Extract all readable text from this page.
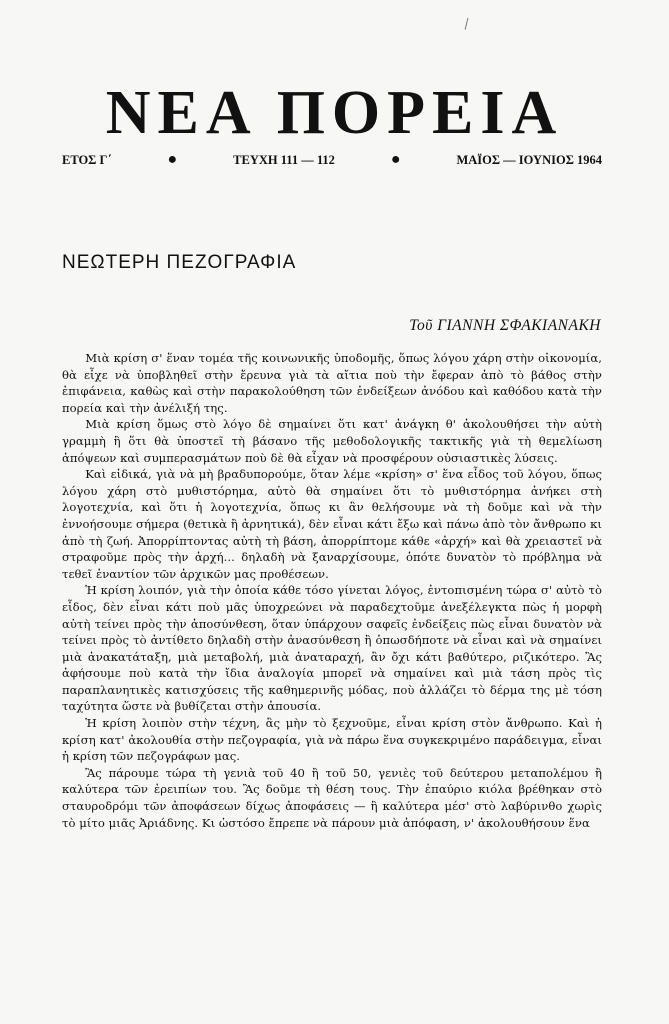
ΝΕΑ ΠΟΡΕΙΑ
ΕΤΟΣ Γ΄	●	ΤΕΥΧΗ 111 — 112	●	ΜΑΪΟΣ — ΙΟΥΝΙΟΣ 1964
ΝΕΩΤΕΡΗ ΠΕΖΟΓΡΑΦΙΑ
Τοῦ ΓΙΑΝΝΗ ΣΦΑΚΙΑΝΑΚΗ

Μιὰ κρίση σ' ἕναν τομέα τῆς κοινωνικῆς ὑποδομῆς, ὅπως λόγου χάρη στὴν οἰκονομία, θὰ εἶχε νὰ ὑποβληθεῖ στὴν ἔρευνα γιὰ τὰ αἴτια ποὺ τὴν ἔφεραν ἀπὸ τὸ βάθος στὴν ἐπιφάνεια, καθὼς καὶ στὴν παρακολούθηση τῶν ἐνδείξεων ἀνόδου καὶ καθόδου κατὰ τὴν πορεία καὶ τὴν ἀνέλιξή της.

Μιὰ κρίση ὅμως στὸ λόγο δὲ σημαίνει ὅτι κατ' ἀνάγκη θ' ἀκολουθήσει τὴν αὐτὴ γραμμὴ ἢ ὅτι θὰ ὑποστεῖ τὴ βάσανο τῆς μεθοδολογικῆς τακτικῆς γιὰ τὴ θεμελίωση ἀπόψεων καὶ συμπερασμάτων ποὺ δὲ θὰ εἶχαν νὰ προσφέρουν οὐσιαστικὲς λύσεις.

Καὶ εἰδικά, γιὰ νὰ μὴ βραδυπορούμε, ὅταν λέμε «κρίση» σ' ἕνα εἶδος τοῦ λόγου, ὅπως λόγου χάρη στὸ μυθιστόρημα, αὐτὸ θὰ σημαίνει ὅτι τὸ μυθιστόρημα ἀνήκει στὴ λογοτεχνία, καὶ ὅτι ἡ λογοτεχνία, ὅπως κι ἂν θελήσουμε νὰ τὴ δοῦμε καὶ νὰ τὴν ἐννοήσουμε σήμερα (θετικὰ ἢ ἀρνητικά), δὲν εἶναι κάτι ἔξω καὶ πάνω ἀπὸ τὸν ἄνθρωπο κι ἀπὸ τὴ ζωή. Ἀπορρίπτοντας αὐτὴ τὴ βάση, ἀπορρίπτομε κάθε «ἀρχή» καὶ θὰ χρειαστεῖ νὰ στραφοῦμε πρὸς τὴν ἀρχή... δηλαδὴ νὰ ξαναρχίσουμε, ὁπότε δυνατὸν τὸ πρόβλημα νὰ τεθεῖ ἐναντίον τῶν ἀρχικῶν μας προθέσεων.

Ἡ κρίση λοιπόν, γιὰ τὴν ὁποία κάθε τόσο γίνεται λόγος, ἐντοπισμένη τώρα σ' αὐτὸ τὸ εἶδος, δὲν εἶναι κάτι ποὺ μᾶς ὑποχρεώνει νὰ παραδεχτοῦμε ἀνεξέλεγκτα πὼς ἡ μορφὴ αὐτὴ τείνει πρὸς τὴν ἀποσύνθεση, ὅταν ὑπάρχουν σαφεῖς ἐνδείξεις πὼς εἶναι δυνατὸν νὰ τείνει πρὸς τὸ ἀντίθετο δηλαδὴ στὴν ἀνασύνθεση ἢ ὁπωσδήποτε νὰ εἶναι καὶ νὰ σημαίνει μιὰ ἀνακατάταξη, μιὰ μεταβολή, μιὰ ἀναταραχή, ἂν ὄχι κάτι βαθύτερο, ριζικότερο. Ἂς ἀφήσουμε ποὺ κατὰ τὴν ἴδια ἀναλογία μπορεῖ νὰ σημαίνει καὶ μιὰ τάση πρὸς τὶς παραπλανητικὲς κατισχύσεις τῆς καθημερινῆς μόδας, ποὺ ἀλλάζει τὸ δέρμα της μὲ τόση ταχύτητα ὥστε νὰ βυθίζεται στὴν ἀπουσία.

Ἡ κρίση λοιπὸν στὴν τέχνη, ἂς μὴν τὸ ξεχνοῦμε, εἶναι κρίση στὸν ἄνθρωπο. Καὶ ἡ κρίση κατ' ἀκολουθία στὴν πεζογραφία, γιὰ νὰ πάρω ἕνα συγκεκριμένο παράδειγμα, εἶναι ἡ κρίση τῶν πεζογράφων μας.

Ἂς πάρουμε τώρα τὴ γενιὰ τοῦ 40 ἢ τοῦ 50, γενιὲς τοῦ δεύτερου μεταπολέμου ἢ καλύτερα τῶν ἐρειπίων του. Ἂς δοῦμε τὴ θέση τους. Τὴν ἐπαύριο κιόλα βρέθηκαν στὸ σταυροδρόμι τῶν ἀποφάσεων δίχως ἀποφάσεις — ἢ καλύτερα μέσ' στὸ λαβύρινθο χωρὶς τὸ μίτο μιᾶς Ἀριάδνης. Κι ὡστόσο ἔπρεπε νὰ πάρουν μιὰ ἀπόφαση, ν' ἀκολουθήσουν ἕνα
